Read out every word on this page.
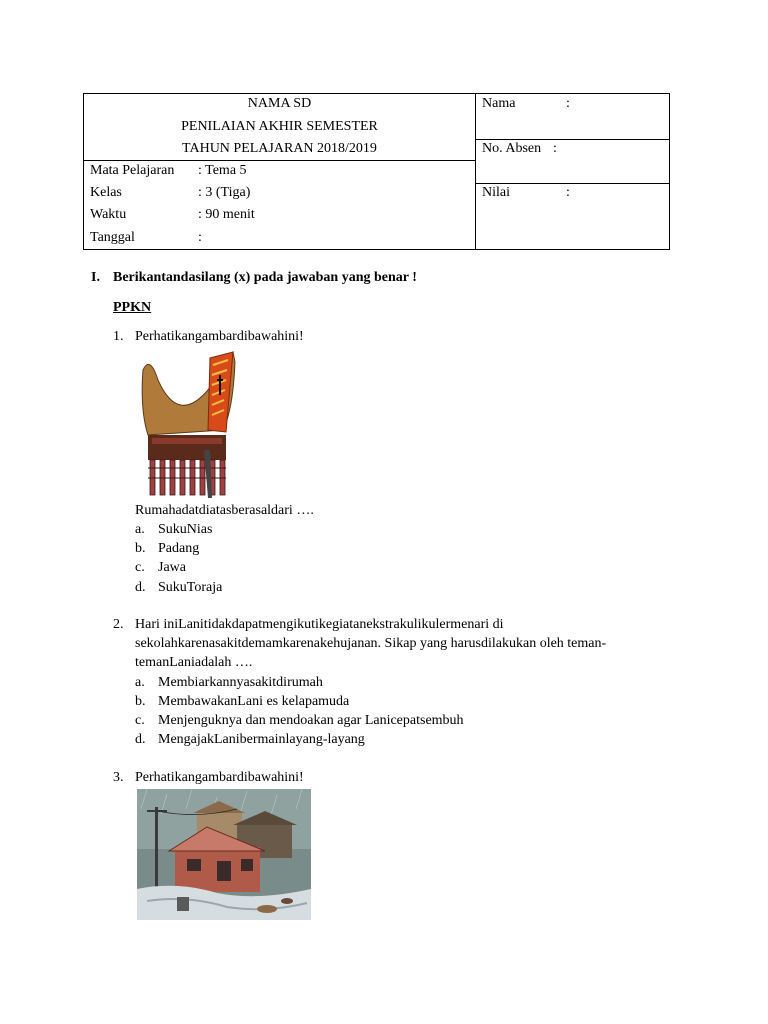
NAMA SD
PENILAIAN AKHIR SEMESTER
TAHUN PELAJARAN 2018/2019
Mata Pelajaran : Tema 5
Kelas	: 3 (Tiga)
Waktu	: 90 menit
Tanggal	:
Nama	:
No. Absen :
Nilai	:
I. Berikantandasilang (x) pada jawaban yang benar !
PPKN
1. Perhatikangambardibawahini!
Rumahadatdiatasberasaldari ….
a. SukuNias
b. Padang
c. Jawa
d. SukuToraja
2. Hari iniLanitidakdapatmengikutikegiatanekstrakulikulermenari di
sekolahkarenasakitdemamkarenakehujanan. Sikap yang harusdilakukan oleh teman-
temanLaniadalah ….
a. Membiarkannyasakitdirumah
b. MembawakanLani es kelapamuda
c. Menjenguknya dan mendoakan agar Lanicepatsembuh
d. MengajakLanibermainlayang-layang
3. Perhatikangambardibawahini!
